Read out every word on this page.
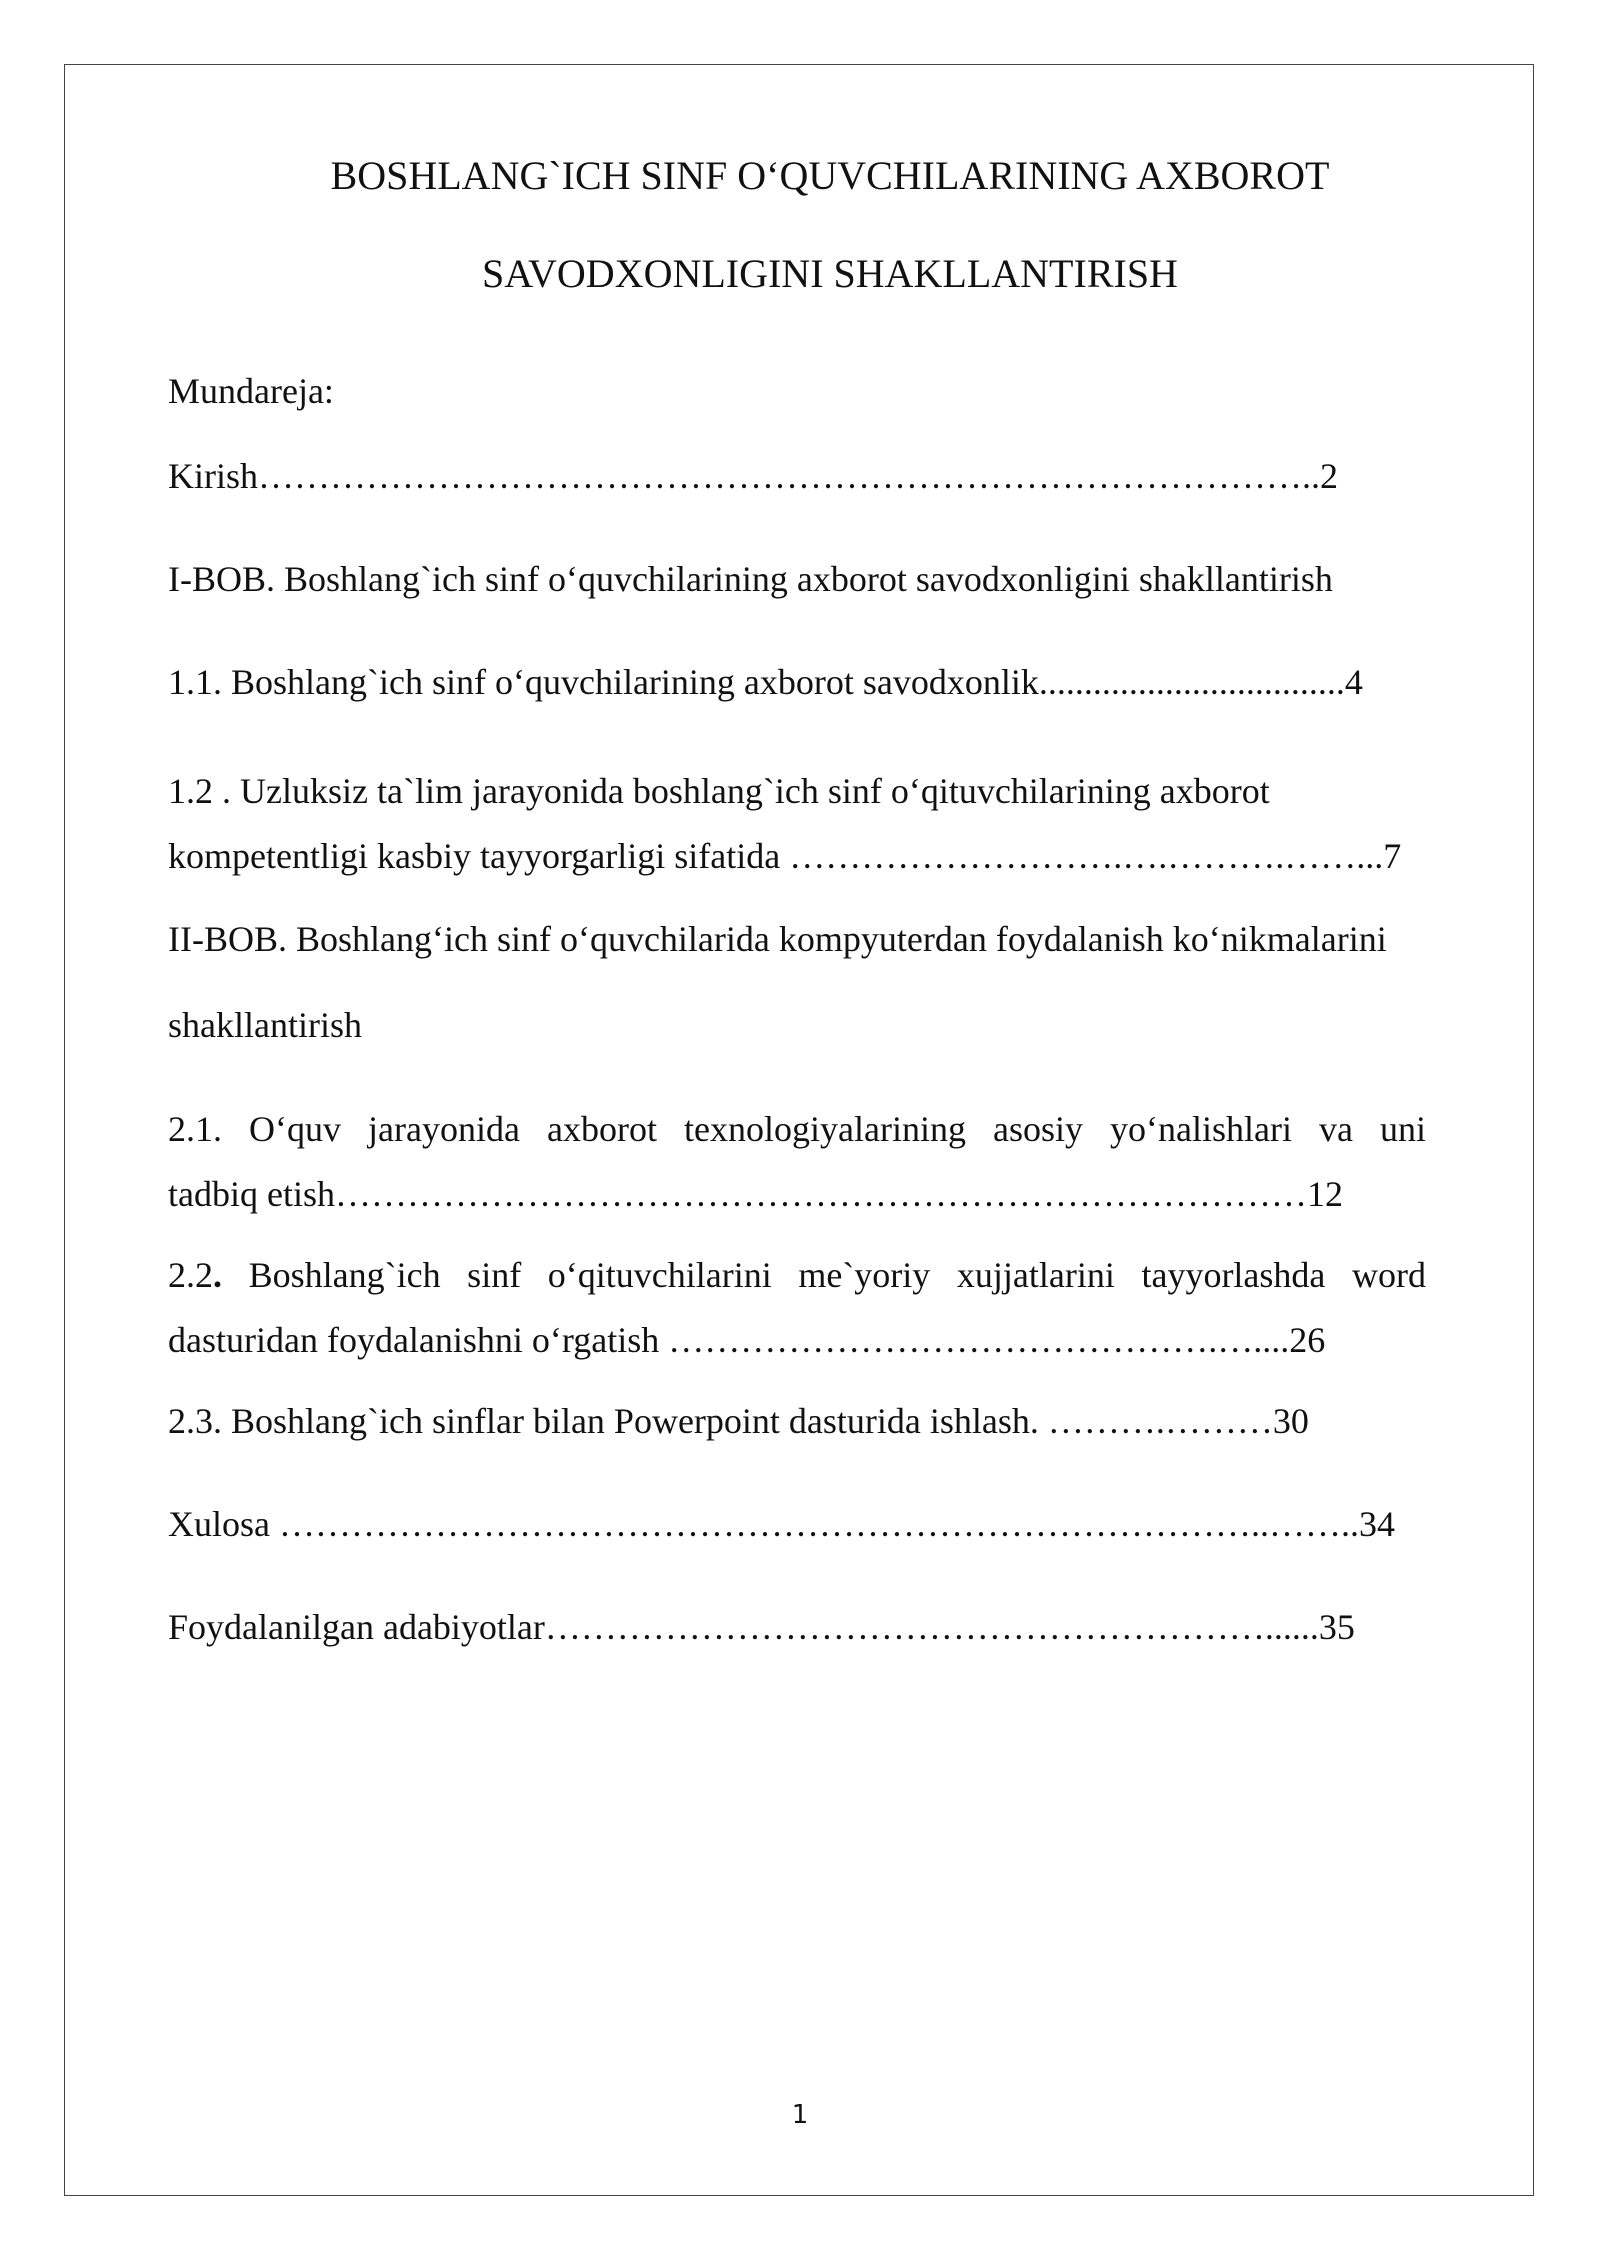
BOSHLANG`ICH SINF O‘QUVCHILARINING AXBOROT
SAVODXONLIGINI SHAKLLANTIRISH
Mundareja:
Kirish……………………………………………………………………………..2
I-BOB. Boshlang`ich sinf o‘quvchilarining axborot savodxonligini shakllantirish
1.1. Boshlang`ich sinf o‘quvchilarining axborot savodxonlik..................................4
1.2 . Uzluksiz ta`lim jarayonida boshlang`ich sinf o‘qituvchilarining axborot
kompetentligi kasbiy tayyorgarligi sifatida ……………………….….……….……...7
II-BOB. Boshlang‘ich sinf o‘quvchilarida kompyuterdan foydalanish ko‘nikmalarini
shakllantirish
2.1. O‘quv jarayonida axborot texnologiyalarining asosiy yo‘nalishlari va uni
tadbiq etish………………………………………………………………………12
2.2. Boshlang`ich sinf o‘qituvchilarini me`yoriy xujjatlarini tayyorlashda word
dasturidan foydalanishni o‘rgatish ……………………………………….…....26
2.3. Boshlang`ich sinflar bilan Powerpoint dasturida ishlash. ……….………30
Xulosa ………………………………………………………………………..……..34
Foydalanilgan adabiyotlar……………………………………………………......35
1
